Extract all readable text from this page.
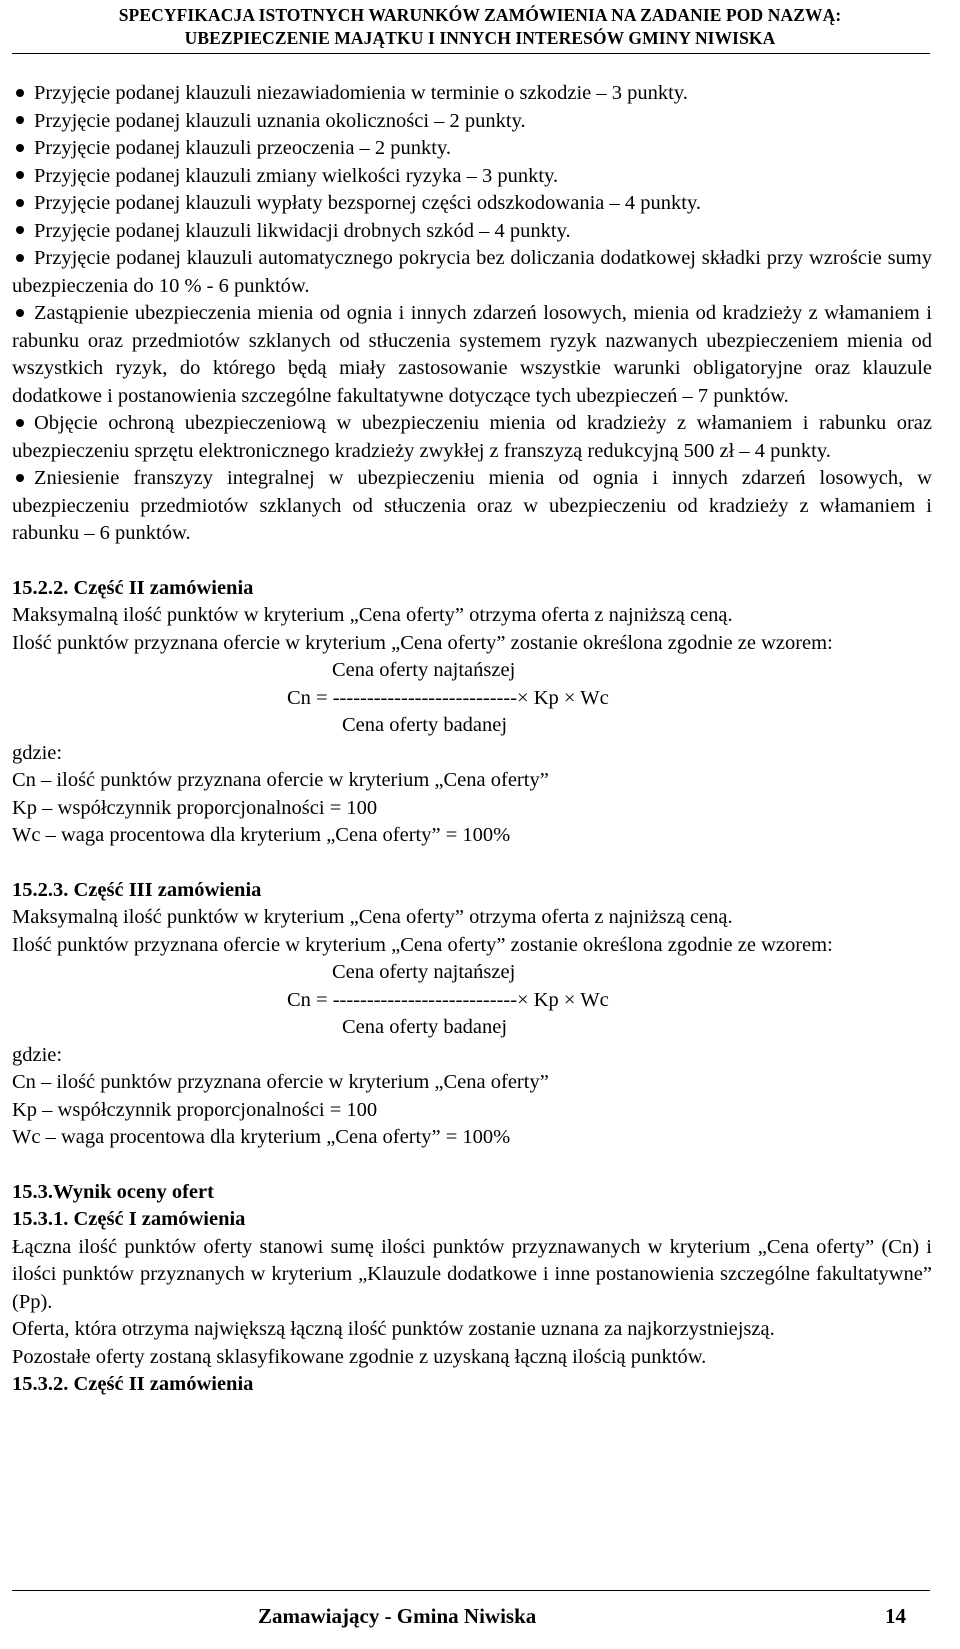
SPECYFIKACJA ISTOTNYCH WARUNKÓW ZAMÓWIENIA NA ZADANIE POD NAZWĄ:
UBEZPIECZENIE MAJĄTKU I INNYCH INTERESÓW GMINY NIWISKA
Przyjęcie podanej klauzuli niezawiadomienia w terminie o szkodzie – 3 punkty.
Przyjęcie podanej klauzuli uznania okoliczności – 2 punkty.
Przyjęcie podanej klauzuli przeoczenia – 2 punkty.
Przyjęcie podanej klauzuli zmiany wielkości ryzyka – 3 punkty.
Przyjęcie podanej klauzuli wypłaty bezspornej części odszkodowania – 4 punkty.
Przyjęcie podanej klauzuli likwidacji drobnych szkód – 4 punkty.
Przyjęcie podanej klauzuli automatycznego pokrycia bez doliczania dodatkowej składki przy wzroście sumy ubezpieczenia do 10 % - 6 punktów.
Zastąpienie ubezpieczenia mienia od ognia i innych zdarzeń losowych, mienia od kradzieży z włamaniem i rabunku oraz przedmiotów szklanych od stłuczenia systemem ryzyk nazwanych ubezpieczeniem mienia od wszystkich ryzyk, do którego będą miały zastosowanie wszystkie warunki obligatoryjne oraz klauzule dodatkowe i postanowienia szczególne fakultatywne dotyczące tych ubezpieczeń – 7 punktów.
Objęcie ochroną ubezpieczeniową w ubezpieczeniu mienia od kradzieży z włamaniem i rabunku oraz ubezpieczeniu sprzętu elektronicznego kradzieży zwykłej z franszyzą redukcyjną 500 zł – 4 punkty.
Zniesienie franszyzy integralnej w ubezpieczeniu mienia od ognia i innych zdarzeń losowych, w ubezpieczeniu przedmiotów szklanych od stłuczenia oraz w ubezpieczeniu od kradzieży z włamaniem i rabunku – 6 punktów.
15.2.2. Część II zamówienia
Maksymalną ilość punktów w kryterium „Cena oferty” otrzyma oferta z najniższą ceną.
Ilość punktów przyznana ofercie w kryterium „Cena oferty” zostanie określona zgodnie ze wzorem:
Cena oferty najtańszej
Cn = ---------------------------× Kp × Wc
Cena oferty badanej
gdzie:
Cn – ilość punktów przyznana ofercie w kryterium „Cena oferty”
Kp – współczynnik proporcjonalności = 100
Wc – waga procentowa dla kryterium „Cena oferty” = 100%
15.2.3. Część III zamówienia
Maksymalną ilość punktów w kryterium „Cena oferty” otrzyma oferta z najniższą ceną.
Ilość punktów przyznana ofercie w kryterium „Cena oferty” zostanie określona zgodnie ze wzorem:
Cena oferty najtańszej
Cn = ---------------------------× Kp × Wc
Cena oferty badanej
gdzie:
Cn – ilość punktów przyznana ofercie w kryterium „Cena oferty”
Kp – współczynnik proporcjonalności = 100
Wc – waga procentowa dla kryterium „Cena oferty” = 100%
15.3.Wynik oceny ofert
15.3.1. Część I zamówienia
Łączna ilość punktów oferty stanowi sumę ilości punktów przyznawanych w kryterium „Cena oferty” (Cn) i ilości punktów przyznanych w kryterium „Klauzule dodatkowe i inne postanowienia szczególne fakultatywne” (Pp).
Oferta, która otrzyma największą łączną ilość punktów zostanie uznana za najkorzystniejszą.
Pozostałe oferty zostaną sklasyfikowane zgodnie z uzyskaną łączną ilością punktów.
15.3.2. Część II zamówienia
Zamawiający - Gmina Niwiska	14
